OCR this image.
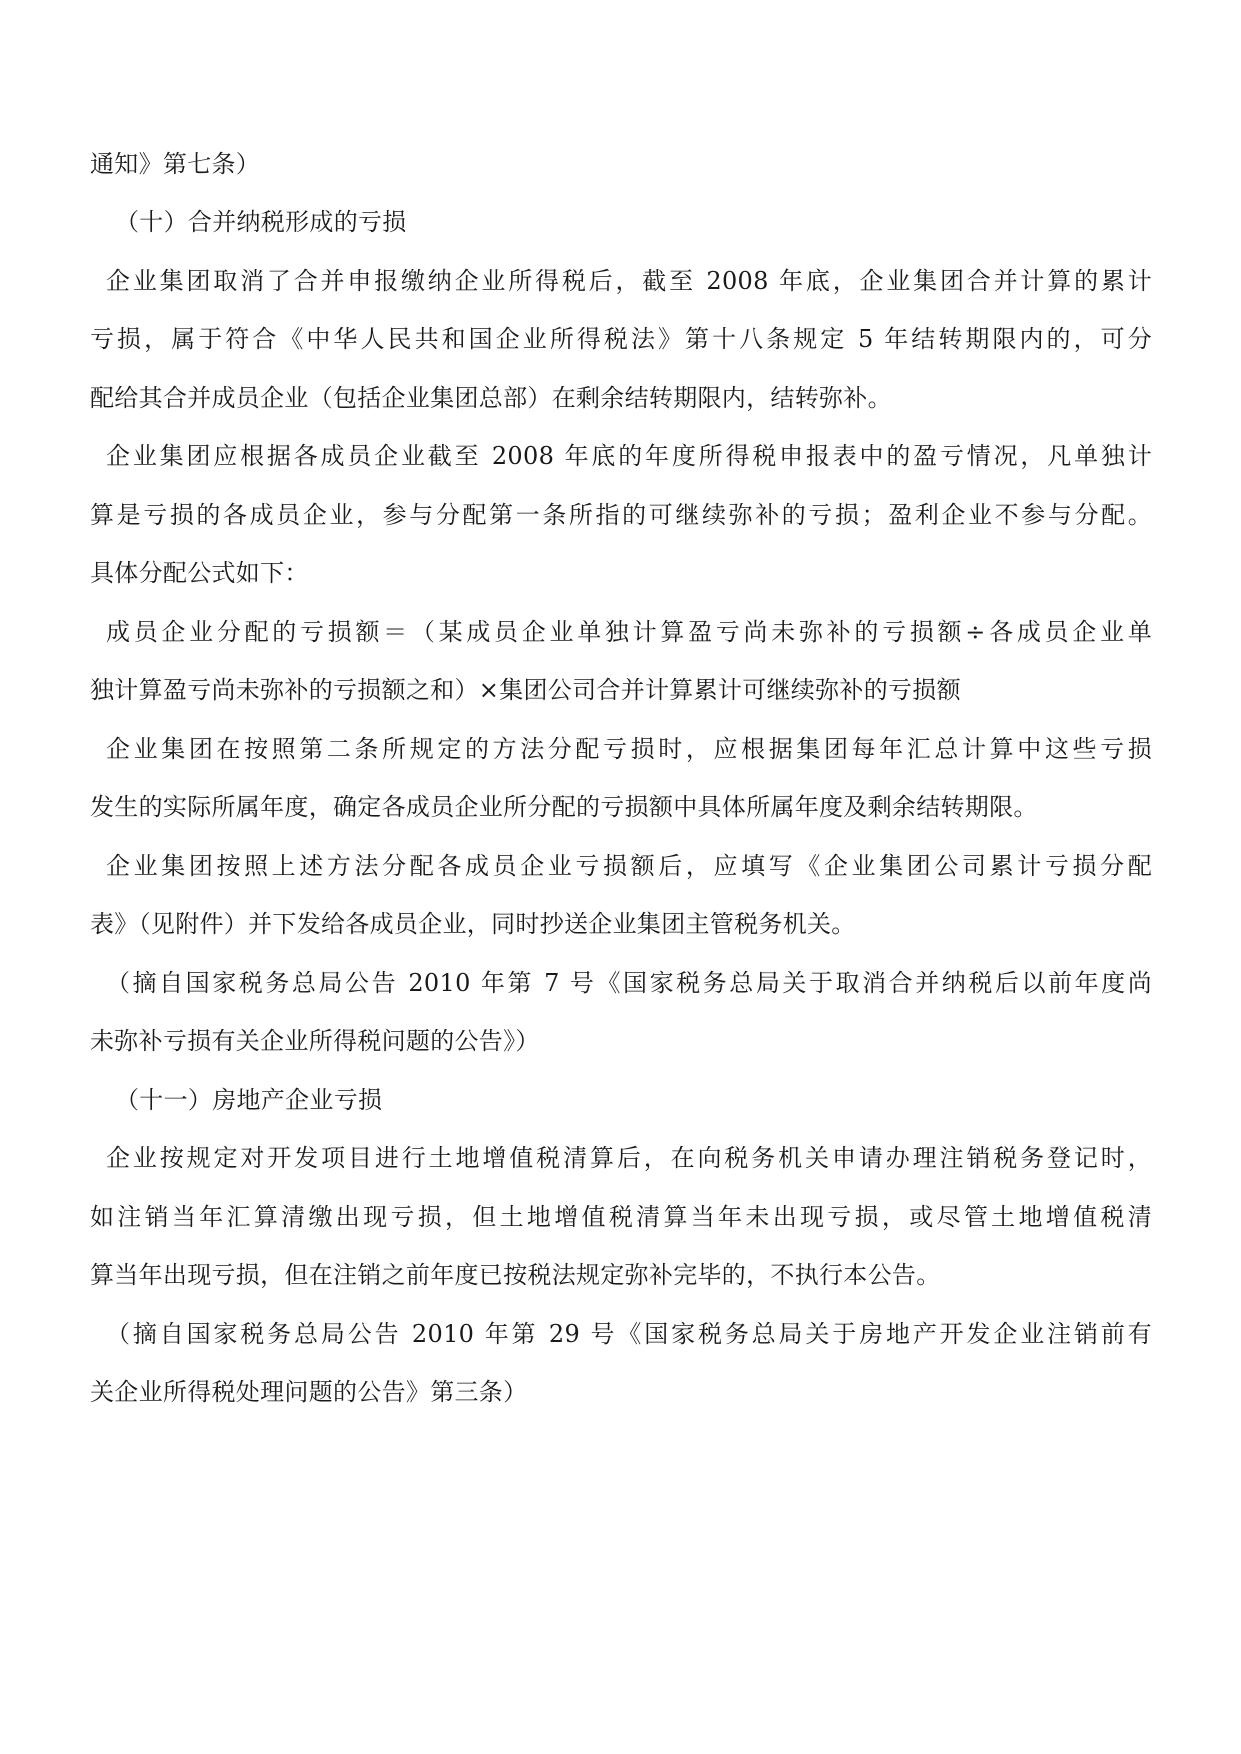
通知》第七条）
（十）合并纳税形成的亏损
企业集团取消了合并申报缴纳企业所得税后，截至 2008 年底，企业集团合并计算的累计
亏损，属于符合《中华人民共和国企业所得税法》第十八条规定 5 年结转期限内的，可分
配给其合并成员企业（包括企业集团总部）在剩余结转期限内，结转弥补。
企业集团应根据各成员企业截至 2008 年底的年度所得税申报表中的盈亏情况，凡单独计
算是亏损的各成员企业，参与分配第一条所指的可继续弥补的亏损；盈利企业不参与分配。
具体分配公式如下：
成员企业分配的亏损额＝（某成员企业单独计算盈亏尚未弥补的亏损额÷各成员企业单
独计算盈亏尚未弥补的亏损额之和）×集团公司合并计算累计可继续弥补的亏损额
企业集团在按照第二条所规定的方法分配亏损时，应根据集团每年汇总计算中这些亏损
发生的实际所属年度，确定各成员企业所分配的亏损额中具体所属年度及剩余结转期限。
企业集团按照上述方法分配各成员企业亏损额后，应填写《企业集团公司累计亏损分配
表》（见附件）并下发给各成员企业，同时抄送企业集团主管税务机关。
（摘自国家税务总局公告 2010 年第 7 号《国家税务总局关于取消合并纳税后以前年度尚
未弥补亏损有关企业所得税问题的公告》）
（十一）房地产企业亏损
企业按规定对开发项目进行土地增值税清算后，在向税务机关申请办理注销税务登记时，
如注销当年汇算清缴出现亏损，但土地增值税清算当年未出现亏损，或尽管土地增值税清
算当年出现亏损，但在注销之前年度已按税法规定弥补完毕的，不执行本公告。
（摘自国家税务总局公告 2010 年第 29 号《国家税务总局关于房地产开发企业注销前有
关企业所得税处理问题的公告》第三条）
